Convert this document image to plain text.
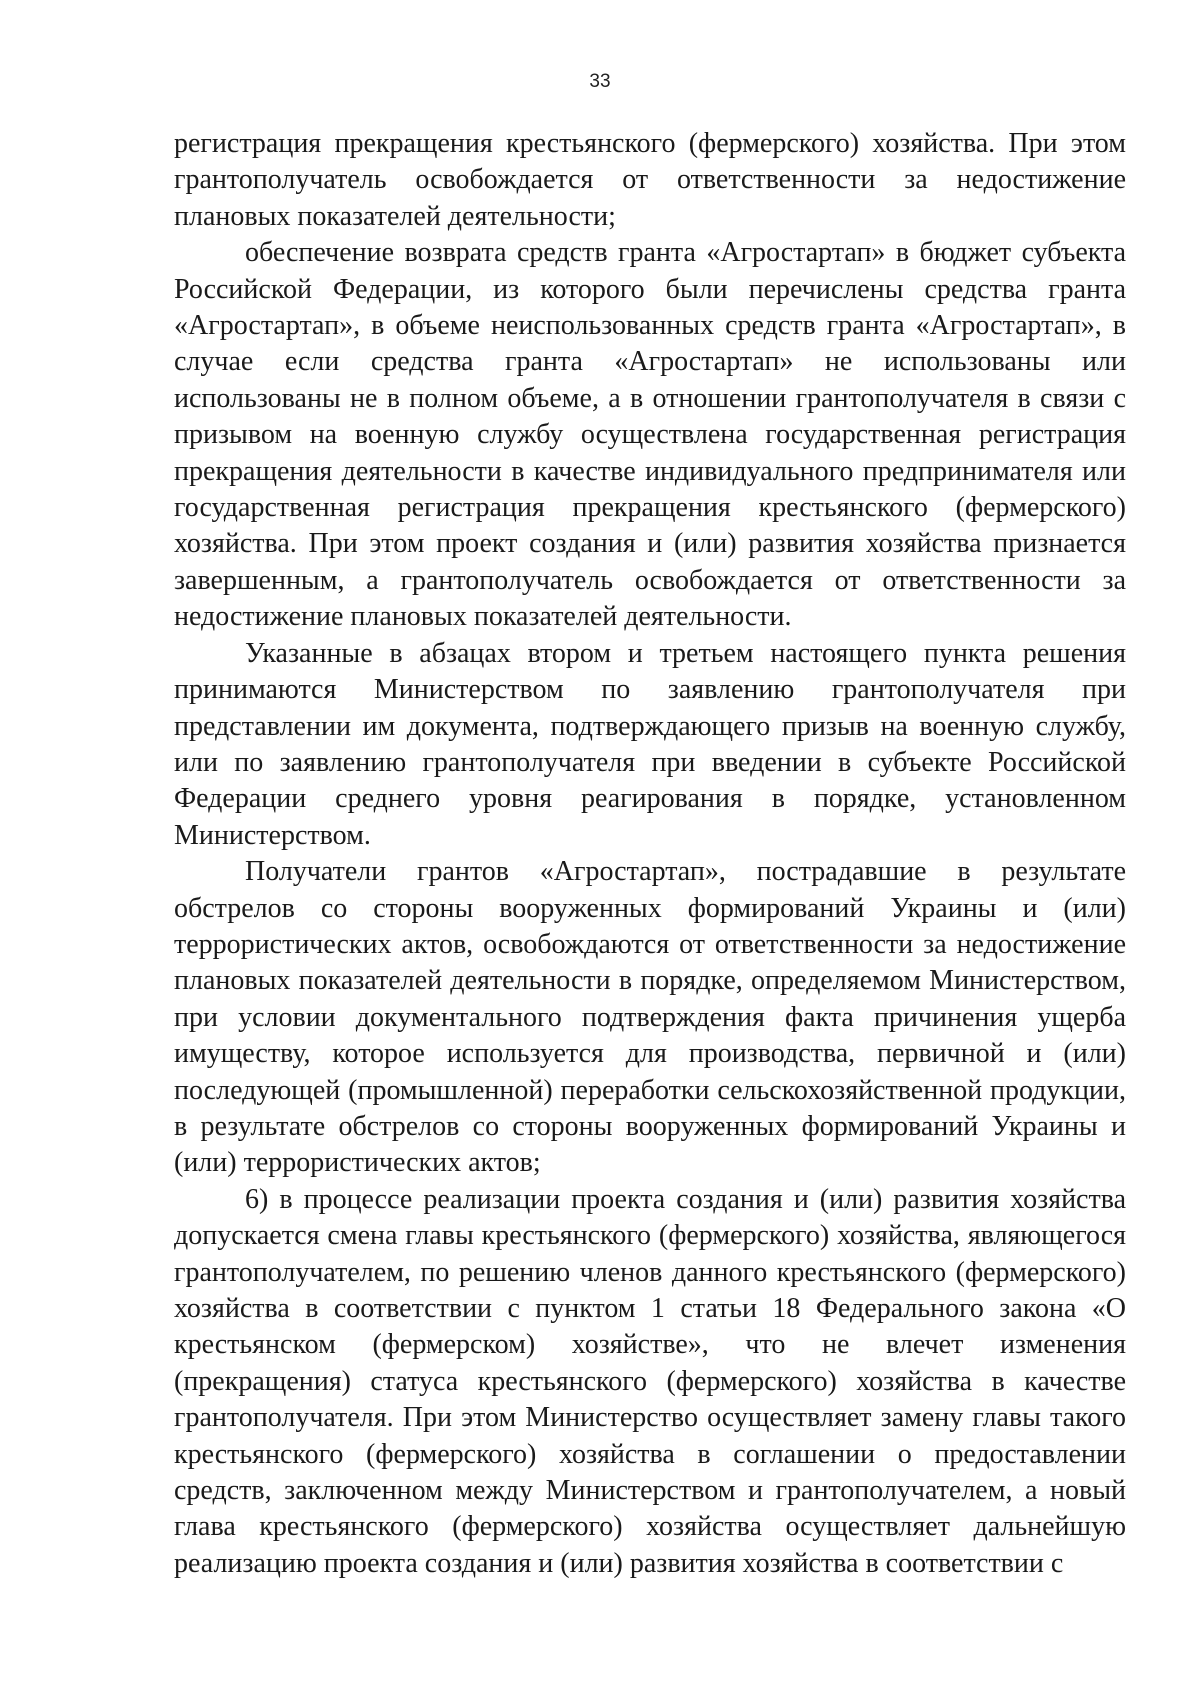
33

регистрация прекращения крестьянского (фермерского) хозяйства. При этом грантополучатель освобождается от ответственности за недостижение плановых показателей деятельности;

обеспечение возврата средств гранта «Агростартап» в бюджет субъекта Российской Федерации, из которого были перечислены средства гранта «Агростартап», в объеме неиспользованных средств гранта «Агростартап», в случае если средства гранта «Агростартап» не использованы или использованы не в полном объеме, а в отношении грантополучателя в связи с призывом на военную службу осуществлена государственная регистрация прекращения деятельности в качестве индивидуального предпринимателя или государственная регистрация прекращения крестьянского (фермерского) хозяйства. При этом проект создания и (или) развития хозяйства признается завершенным, а грантополучатель освобождается от ответственности за недостижение плановых показателей деятельности.

Указанные в абзацах втором и третьем настоящего пункта решения принимаются Министерством по заявлению грантополучателя при представлении им документа, подтверждающего призыв на военную службу, или по заявлению грантополучателя при введении в субъекте Российской Федерации среднего уровня реагирования в порядке, установленном Министерством.

Получатели грантов «Агростартап», пострадавшие в результате обстрелов со стороны вооруженных формирований Украины и (или) террористических актов, освобождаются от ответственности за недостижение плановых показателей деятельности в порядке, определяемом Министерством, при условии документального подтверждения факта причинения ущерба имуществу, которое используется для производства, первичной и (или) последующей (промышленной) переработки сельскохозяйственной продукции, в результате обстрелов со стороны вооруженных формирований Украины и (или) террористических актов;

6) в процессе реализации проекта создания и (или) развития хозяйства допускается смена главы крестьянского (фермерского) хозяйства, являющегося грантополучателем, по решению членов данного крестьянского (фермерского) хозяйства в соответствии с пунктом 1 статьи 18 Федерального закона «О крестьянском (фермерском) хозяйстве», что не влечет изменения (прекращения) статуса крестьянского (фермерского) хозяйства в качестве грантополучателя. При этом Министерство осуществляет замену главы такого крестьянского (фермерского) хозяйства в соглашении о предоставлении средств, заключенном между Министерством и грантополучателем, а новый глава крестьянского (фермерского) хозяйства осуществляет дальнейшую реализацию проекта создания и (или) развития хозяйства в соответствии с
